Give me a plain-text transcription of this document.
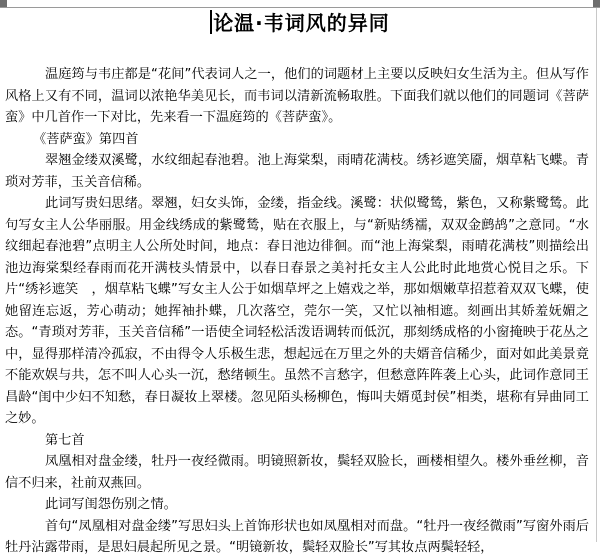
论温·韦词风的异同

温庭筠与韦庄都是“花间”代表词人之一，他们的词题材上主要以反映妇女生活为主。但从写作风格上又有不同，温词以浓艳华美见长，而韦词以清新流畅取胜。下面我们就以他们的同题词《菩萨蛮》中几首作一下对比，先来看一下温庭筠的《菩萨蛮》。

《菩萨蛮》第四首

翠翘金缕双溪鹭，水纹细起春池碧。池上海棠梨，雨晴花满枝。绣衫遮笑靥，烟草粘飞蝶。青琐对芳菲，玉关音信稀。

此词写贵妇思绪。翠翘，妇女头饰，金缕，指金线。溪鹭：状似鹭鸶，紫色，又称紫鹭鸶。此句写女主人公华丽服。用金线绣成的紫鹭鸶，贴在衣服上，与“新贴绣襦，双双金鹧鸪”之意同。“水纹细起春池碧”点明主人公所处时间，地点：春日池边徘徊。而“池上海棠梨，雨晴花满枝”则描绘出池边海棠梨经春雨而花开满枝头情景中，以春日春景之美衬托女主人公此时此地赏心悦目之乐。下片“绣衫遮笑　，烟草粘飞蝶”写女主人公于如烟草坪之上嬉戏之举，那如烟嫩草招惹着双双飞蝶，使她留连忘返，芳心萌动；她挥袖扑蝶，几次落空，莞尔一笑，又忙以袖相遮。刻画出其娇羞妩媚之态。“青琐对芳菲，玉关音信稀”一语使全词轻松活泼语调转而低沉，那刻绣成格的小窗掩映于花丛之中，显得那样清冷孤寂，不由得令人乐极生悲，想起远在万里之外的夫婿音信稀少，面对如此美景竟不能欢娱与共，怎不叫人心头一沉，愁绪顿生。虽然不言愁字，但愁意阵阵袭上心头，此词作意同王昌龄“闺中少妇不知愁，春日凝妆上翠楼。忽见陌头杨柳色，悔叫夫婿觅封侯”相类，堪称有异曲同工之妙。

第七首

凤凰相对盘金缕，牡丹一夜经微雨。明镜照新妆，鬓轻双脸长，画楼相望久。楼外垂丝柳，音信不归来，社前双燕回。

此词写闺怨伤别之情。

首句“凤凰相对盘金缕”写思妇头上首饰形状也如凤凰相对而盘。“牡丹一夜经微雨”写窗外雨后牡丹沾露带雨，是思妇晨起所见之景。“明镜新妆，鬓轻双脸长”写其妆点两鬓轻轻，
